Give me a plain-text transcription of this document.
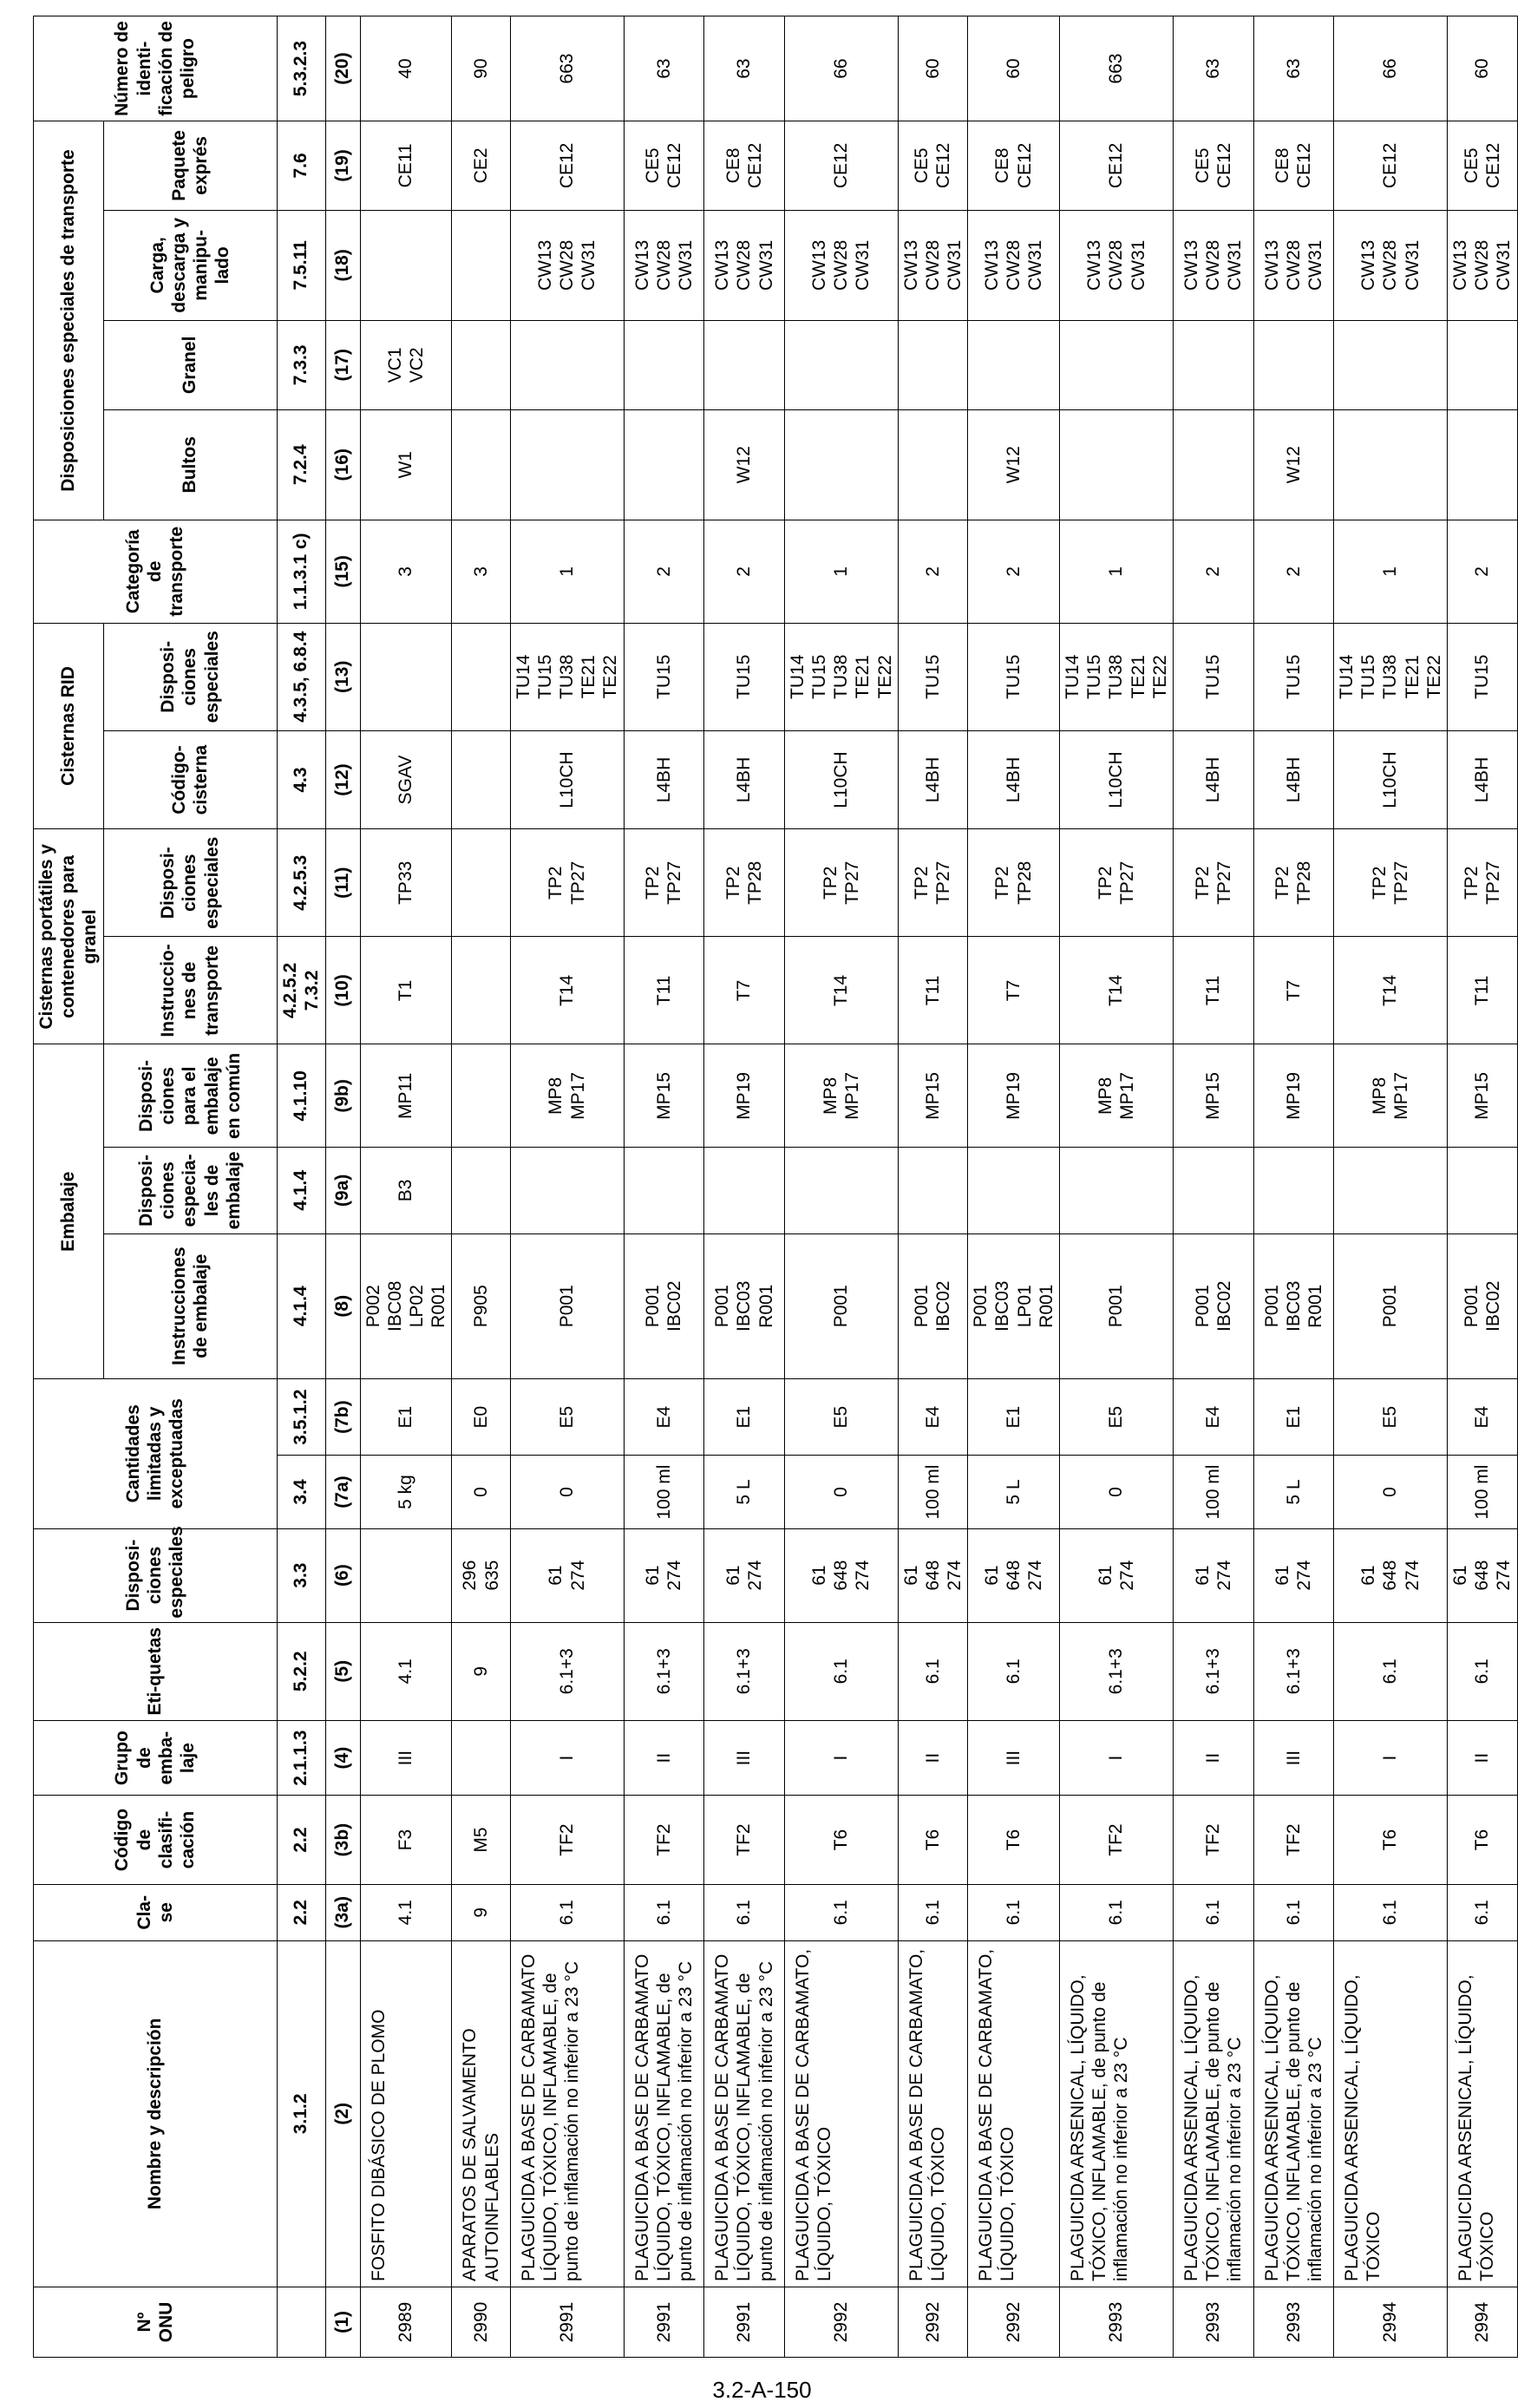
Nº ONU	Nombre y descripción	Cla-se	Código de clasifi-cación	Grupo de emba-laje	Eti-quetas	Disposi-ciones especiales	Cantidades limitadas y exceptuadas		Embalaje			Cisternas portátiles y contenedores para granel		Cisternas RID		Categoría de transporte	Disposiciones especiales de transporte				Número de identi-ficación de peligro
									Instrucciones de embalaje	Disposi-ciones especia-les de embalaje	Disposi-ciones para el embalaje en común	Instruccio-nes de transporte	Disposi-ciones especiales	Código-cisterna	Disposi-ciones especiales		Bultos	Granel	Carga, descarga y manipu-lado	Paquete exprés	
	3.1.2	2.2	2.2	2.1.1.3	5.2.2	3.3	3.4	3.5.1.2	4.1.4	4.1.4	4.1.10	4.2.5.2 7.3.2	4.2.5.3	4.3	4.3.5, 6.8.4	1.1.3.1 c)	7.2.4	7.3.3	7.5.11	7.6	5.3.2.3
(1)	(2)	(3a)	(3b)	(4)	(5)	(6)	(7a)	(7b)	(8)	(9a)	(9b)	(10)	(11)	(12)	(13)	(15)	(16)	(17)	(18)	(19)	(20)
2989	FOSFITO DIBÁSICO DE PLOMO	4.1	F3	III	4.1		5 kg	E1	P002 IBC08 LP02 R001	B3	MP11	T1	TP33	SGAV		3	W1	VC1 VC2		CE11	40
2990	APARATOS DE SALVAMENTO AUTOINFLABLES	9	M5		9	296 635	0	E0	P905							3				CE2	90
2991	PLAGUICIDA A BASE DE CARBAMATO LÍQUIDO, TÓXICO, INFLAMABLE, de punto de inflamación no inferior a 23 °C	6.1	TF2	I	6.1+3	61 274	0	E5	P001		MP8 MP17	T14	TP2 TP27	L10CH	TU14 TU15 TU38 TE21 TE22	1			CW13 CW28 CW31	CE12	663
2991	PLAGUICIDA A BASE DE CARBAMATO LÍQUIDO, TÓXICO, INFLAMABLE, de punto de inflamación no inferior a 23 °C	6.1	TF2	II	6.1+3	61 274	100 ml	E4	P001 IBC02		MP15	T11	TP2 TP27	L4BH	TU15	2			CW13 CW28 CW31	CE5 CE12	63
2991	PLAGUICIDA A BASE DE CARBAMATO LÍQUIDO, TÓXICO, INFLAMABLE, de punto de inflamación no inferior a 23 °C	6.1	TF2	III	6.1+3	61 274	5 L	E1	P001 IBC03 R001		MP19	T7	TP2 TP28	L4BH	TU15	2	W12		CW13 CW28 CW31	CE8 CE12	63
2992	PLAGUICIDA A BASE DE CARBAMATO, LÍQUIDO, TÓXICO	6.1	T6	I	6.1	61 648 274	0	E5	P001		MP8 MP17	T14	TP2 TP27	L10CH	TU14 TU15 TU38 TE21 TE22	1			CW13 CW28 CW31	CE12	66
2992	PLAGUICIDA A BASE DE CARBAMATO, LÍQUIDO, TÓXICO	6.1	T6	II	6.1	61 648 274	100 ml	E4	P001 IBC02		MP15	T11	TP2 TP27	L4BH	TU15	2			CW13 CW28 CW31	CE5 CE12	60
2992	PLAGUICIDA A BASE DE CARBAMATO, LÍQUIDO, TÓXICO	6.1	T6	III	6.1	61 648 274	5 L	E1	P001 IBC03 LP01 R001		MP19	T7	TP2 TP28	L4BH	TU15	2	W12		CW13 CW28 CW31	CE8 CE12	60
2993	PLAGUICIDA ARSENICAL, LÍQUIDO, TÓXICO, INFLAMABLE, de punto de inflamación no inferior a 23 °C	6.1	TF2	I	6.1+3	61 274	0	E5	P001		MP8 MP17	T14	TP2 TP27	L10CH	TU14 TU15 TU38 TE21 TE22	1			CW13 CW28 CW31	CE12	663
2993	PLAGUICIDA ARSENICAL, LÍQUIDO, TÓXICO, INFLAMABLE, de punto de inflamación no inferior a 23 °C	6.1	TF2	II	6.1+3	61 274	100 ml	E4	P001 IBC02		MP15	T11	TP2 TP27	L4BH	TU15	2			CW13 CW28 CW31	CE5 CE12	63
2993	PLAGUICIDA ARSENICAL, LÍQUIDO, TÓXICO, INFLAMABLE, de punto de inflamación no inferior a 23 °C	6.1	TF2	III	6.1+3	61 274	5 L	E1	P001 IBC03 R001		MP19	T7	TP2 TP28	L4BH	TU15	2	W12		CW13 CW28 CW31	CE8 CE12	63
2994	PLAGUICIDA ARSENICAL, LÍQUIDO, TÓXICO	6.1	T6	I	6.1	61 648 274	0	E5	P001		MP8 MP17	T14	TP2 TP27	L10CH	TU14 TU15 TU38 TE21 TE22	1			CW13 CW28 CW31	CE12	66
2994	PLAGUICIDA ARSENICAL, LÍQUIDO, TÓXICO	6.1	T6	II	6.1	61 648 274	100 ml	E4	P001 IBC02		MP15	T11	TP2 TP27	L4BH	TU15	2			CW13 CW28 CW31	CE5 CE12	60
3.2-A-150
